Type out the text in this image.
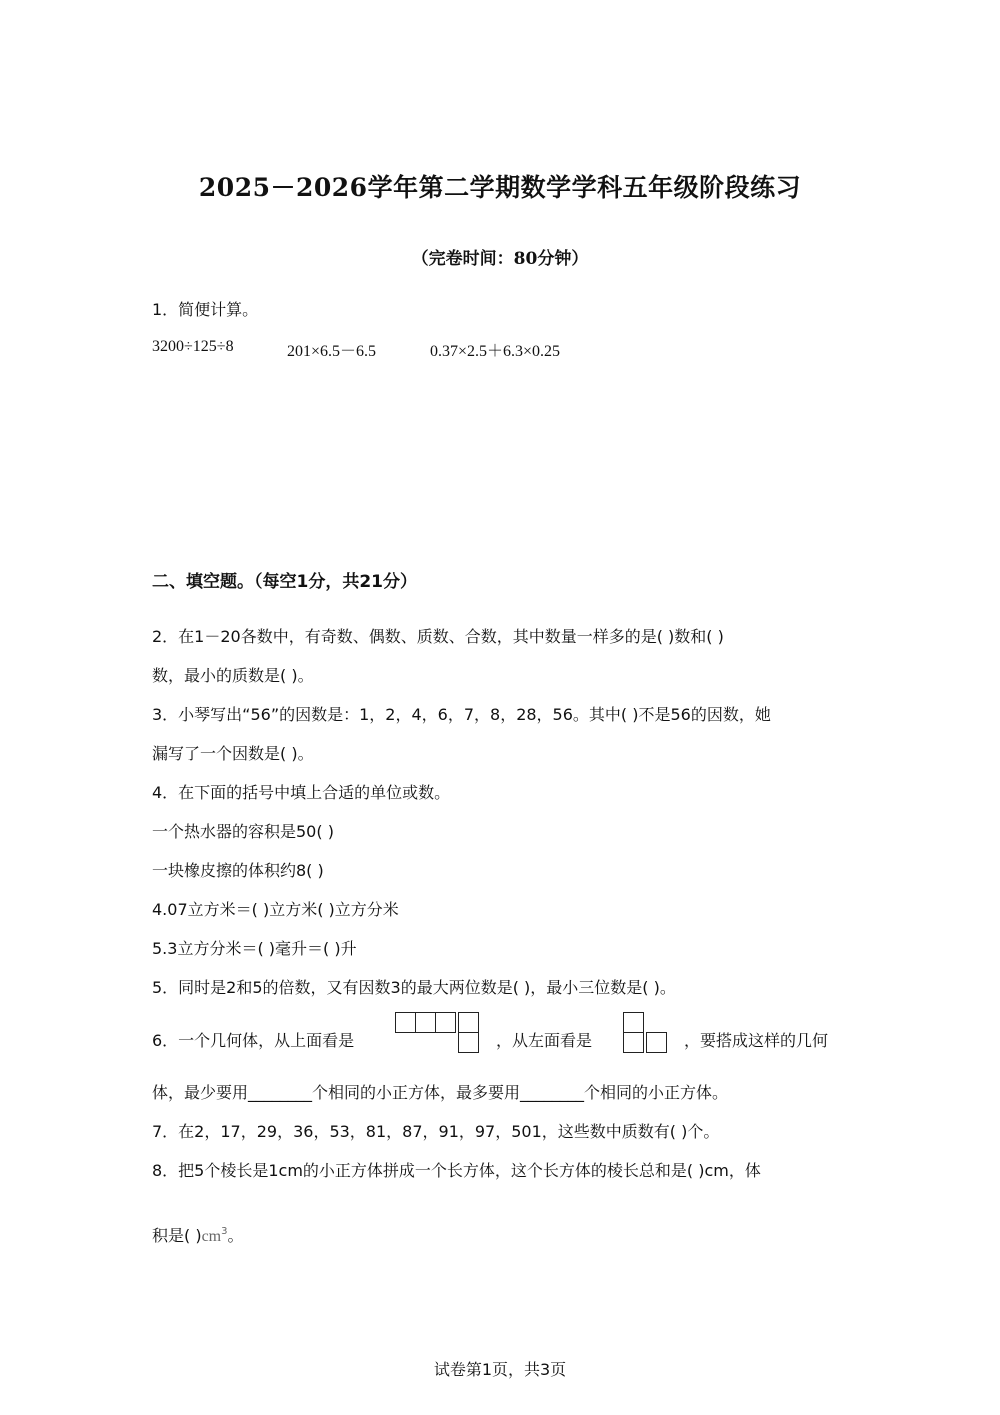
2025－2026学年第二学期数学学科五年级阶段练习
（完卷时间：80分钟）
1．简便计算。
3200÷125÷8	201×6.5－6.5	0.37×2.5＋6.3×0.25
二、填空题。（每空1分，共21分）
2．在1－20各数中，有奇数、偶数、质数、合数，其中数量一样多的是( )数和( )
数，最小的质数是( )。
3．小琴写出“56”的因数是：1，2，4，6，7，8，28，56。其中( )不是56的因数，她
漏写了一个因数是( )。
4．在下面的括号中填上合适的单位或数。
一个热水器的容积是50( )
一块橡皮擦的体积约8( )
4.07立方米＝( )立方米( )立方分米
5.3立方分米＝( )毫升＝( )升
5．同时是2和5的倍数，又有因数3的最大两位数是( )，最小三位数是( )。
6．一个几何体，从上面看是	，从左面看是	，要搭成这样的几何
体，最少要用________个相同的小正方体，最多要用________个相同的小正方体。
7．在2，17，29，36，53，81，87，91，97，501，这些数中质数有( )个。
8．把5个棱长是1cm的小正方体拼成一个长方体，这个长方体的棱长总和是( )cm，体
积是( )$cm^3$。
试卷第1页，共3页
